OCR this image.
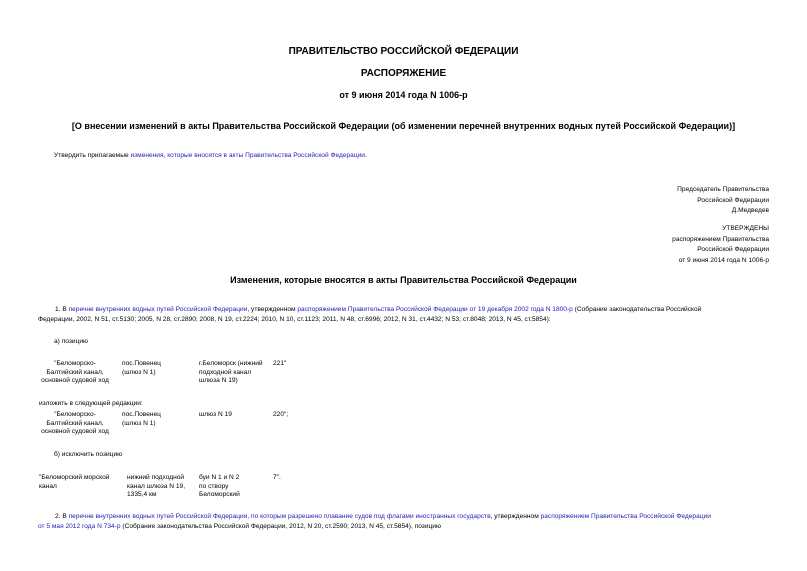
ПРАВИТЕЛЬСТВО РОССИЙСКОЙ ФЕДЕРАЦИИ
РАСПОРЯЖЕНИЕ
от 9 июня 2014 года N 1006-р
[О внесении изменений в акты Правительства Российской Федерации (об изменении перечней внутренних водных путей Российской Федерации)]
Утвердить прилагаемые изменения, которые вносятся в акты Правительства Российской Федерации.
Председатель Правительства
Российской Федерации
Д.Медведев
УТВЕРЖДЕНЫ
распоряжением Правительства
Российской Федерации
от 9 июня 2014 года N 1006-р
Изменения, которые вносятся в акты Правительства Российской Федерации
1. В перечне внутренних водных путей Российской Федерации, утвержденном распоряжением Правительства Российской Федерации от 19 декабря 2002 года N 1800-р (Собрание законодательства Российской
Федерации, 2002, N 51, ст.5130; 2005, N 28, ст.2890; 2008, N 19, ст.2224; 2010, N 10, ст.1123; 2011, N 48, ст.6996; 2012, N 31, ст.4432; N 53, ст.8048; 2013, N 45, ст.5854):
а) позицию
"Беломорско-
Балтийский канал,
основной судовой ход
пос.Повенец
(шлюз N 1)
г.Беломорск (нижний
подходной канал
шлюза N 19)
221"
изложить в следующей редакции:
"Беломорско-
Балтийский канал,
основной судовой ход
пос.Повенец
(шлюз N 1)
шлюз N 19	220";
б) исключить позицию
"Беломорский морской
канал
нижний подходной
канал шлюза N 19,
1335,4 км
буи N 1 и N 2
по створу
Беломорский
7".
2. В перечне внутренних водных путей Российской Федерации, по которым разрешено плавание судов под флагами иностранных государств, утвержденном распоряжением Правительства Российской Федерации
от 5 мая 2012 года N 734-р (Собрание законодательства Российской Федерации, 2012, N 20, ст.2590; 2013, N 45, ст.5854), позицию
